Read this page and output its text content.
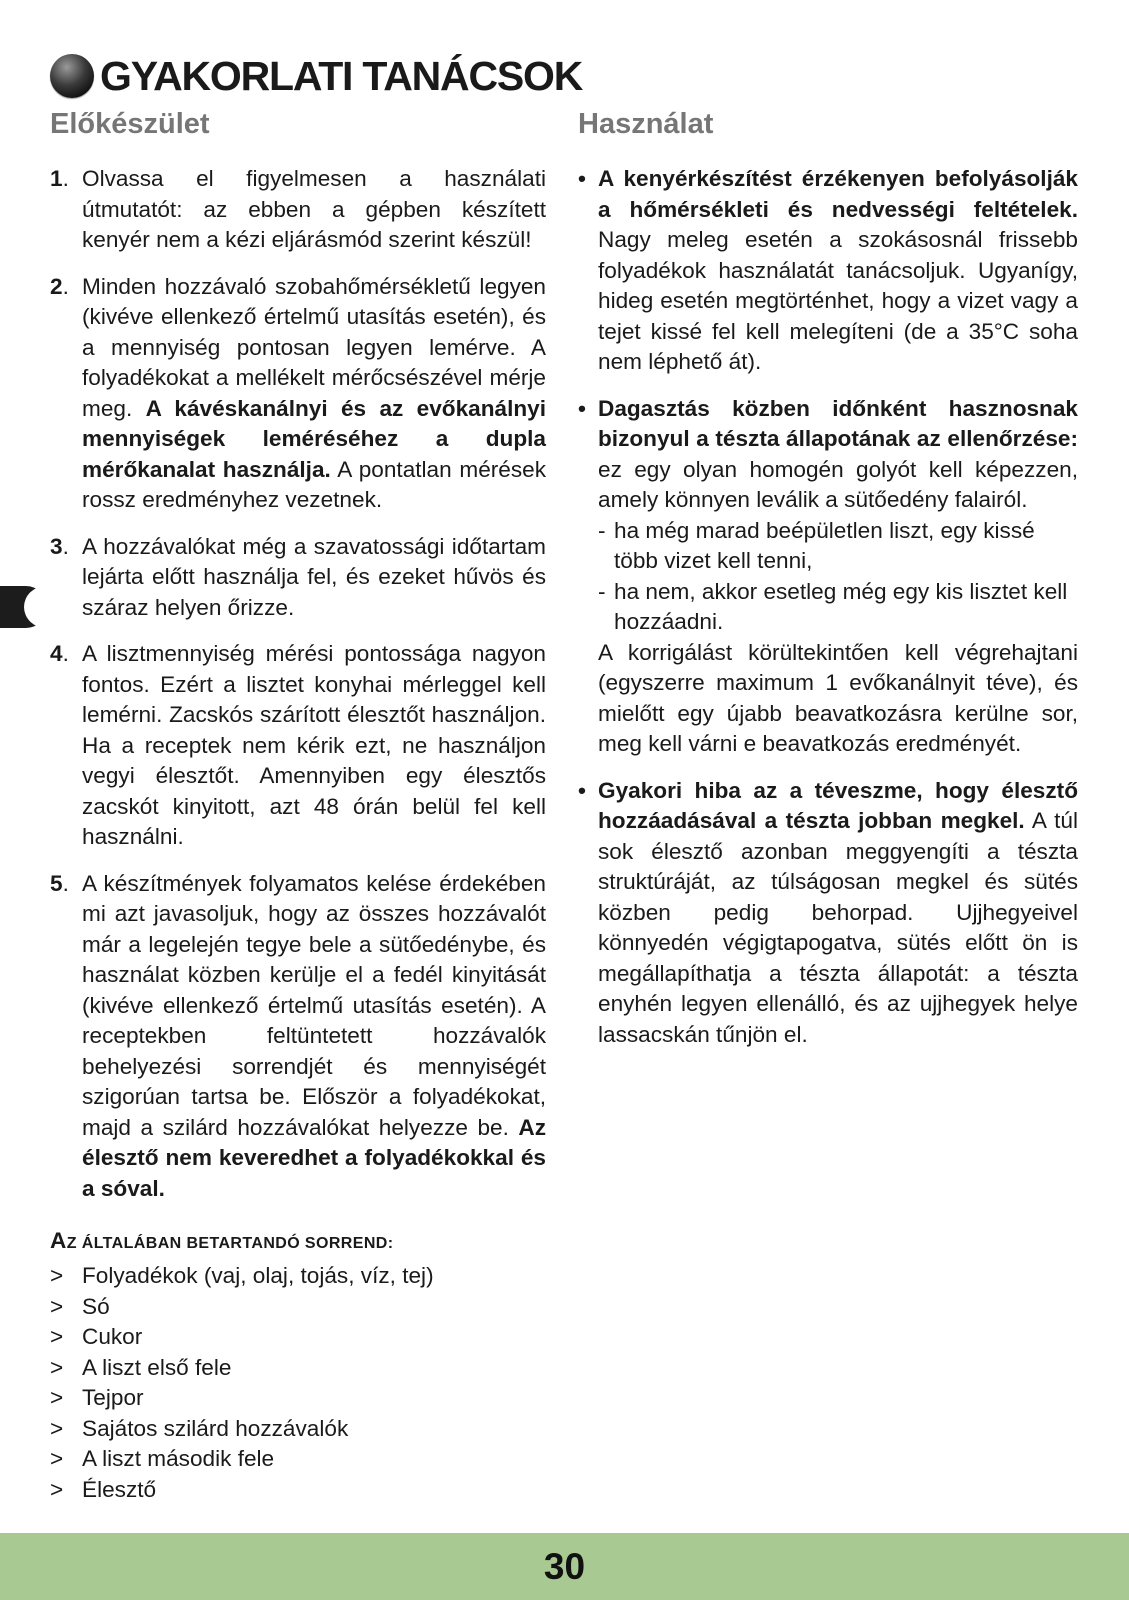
GYAKORLATI TANÁCSOK
Előkészület
1. Olvassa el figyelmesen a használati útmutatót: az ebben a gépben készített kenyér nem a kézi eljárásmód szerint készül!
2. Minden hozzávaló szobahőmérsékletű legyen (kivéve ellenkező értelmű utasítás esetén), és a mennyiség pontosan legyen lemérve. A folyadékokat a mellékelt mérőcsészével mérje meg. A kávéskanálnyi és az evőkanálnyi mennyiségek leméréséhez a dupla mérőkanalat használja. A pontatlan mérések rossz eredményhez vezetnek.
3. A hozzávalókat még a szavatossági időtartam lejárta előtt használja fel, és ezeket hűvös és száraz helyen őrizze.
4. A lisztmennyiség mérési pontossága nagyon fontos. Ezért a lisztet konyhai mérleggel kell lemérni. Zacskós szárított élesztőt használjon. Ha a receptek nem kérik ezt, ne használjon vegyi élesztőt. Amennyiben egy élesztős zacskót kinyitott, azt 48 órán belül fel kell használni.
5. A készítmények folyamatos kelése érdekében mi azt javasoljuk, hogy az összes hozzávalót már a legelején tegye bele a sütőedénybe, és használat közben kerülje el a fedél kinyitását (kivéve ellenkező értelmű utasítás esetén). A receptekben feltüntetett hozzávalók behelyezési sorrendjét és mennyiségét szigorúan tartsa be. Először a folyadékokat, majd a szilárd hozzávalókat helyezze be. Az élesztő nem keveredhet a folyadékokkal és a sóval.
AZ ÁLTALÁBAN BETARTANDÓ SORREND:
> Folyadékok (vaj, olaj, tojás, víz, tej)
> Só
> Cukor
> A liszt első fele
> Tejpor
> Sajátos szilárd hozzávalók
> A liszt második fele
> Élesztő
Használat
• A kenyérkészítést érzékenyen befolyásolják a hőmérsékleti és nedvességi feltételek. Nagy meleg esetén a szokásosnál frissebb folyadékok használatát tanácsoljuk. Ugyanígy, hideg esetén megtörténhet, hogy a vizet vagy a tejet kissé fel kell melegíteni (de a 35°C soha nem léphető át).
• Dagasztás közben időnként hasznosnak bizonyul a tészta állapotának az ellenőrzése: ez egy olyan homogén golyót kell képezzen, amely könnyen leválik a sütőedény falairól.
- ha még marad beépületlen liszt, egy kissé több vizet kell tenni,
- ha nem, akkor esetleg még egy kis lisztet kell hozzáadni.
A korrigálást körültekintően kell végrehajtani (egyszerre maximum 1 evőkanálnyit téve), és mielőtt egy újabb beavatkozásra kerülne sor, meg kell várni e beavatkozás eredményét.
• Gyakori hiba az a téveszme, hogy élesztő hozzáadásával a tészta jobban megkel. A túl sok élesztő azonban meggyengíti a tészta struktúráját, az túlságosan megkel és sütés közben pedig behorpad. Ujjhegyeivel könnyedén végigtapogatva, sütés előtt ön is megállapíthatja a tészta állapotát: a tészta enyhén legyen ellenálló, és az ujjhegyek helye lassacskán tűnjön el.
30
